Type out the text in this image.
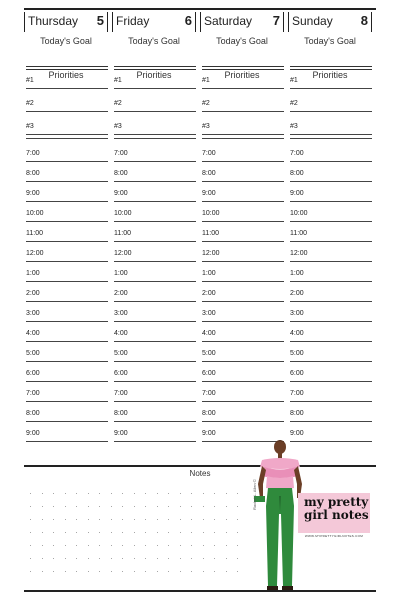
Thursday 5
Today's Goal
Priorities
#1
#2
#3
7:00
8:00
9:00
10:00
11:00
12:00
1:00
2:00
3:00
4:00
5:00
6:00
7:00
8:00
9:00
Friday	6
Today's Goal
Priorities
#1
#2
#3
7:00
8:00
9:00
10:00
11:00
12:00
1:00
2:00
3:00
4:00
5:00
6:00
7:00
8:00
9:00
Saturday 7
Today's Goal
Priorities
#1
#2
#3
7:00
8:00
9:00
10:00
11:00
12:00
1:00
2:00
3:00
4:00
5:00
6:00
7:00
8:00
9:00
Sunday 8
Today's Goal
Priorities
#1
#2
#3
7:00
8:00
9:00
10:00
11:00
12:00
1:00
2:00
3:00
4:00
5:00
6:00
7:00
8:00
9:00
Notes
Rachel L. Allen ©	my pretty
girl notes
WWW.MYPRETTYGIRLNOTES.COM
